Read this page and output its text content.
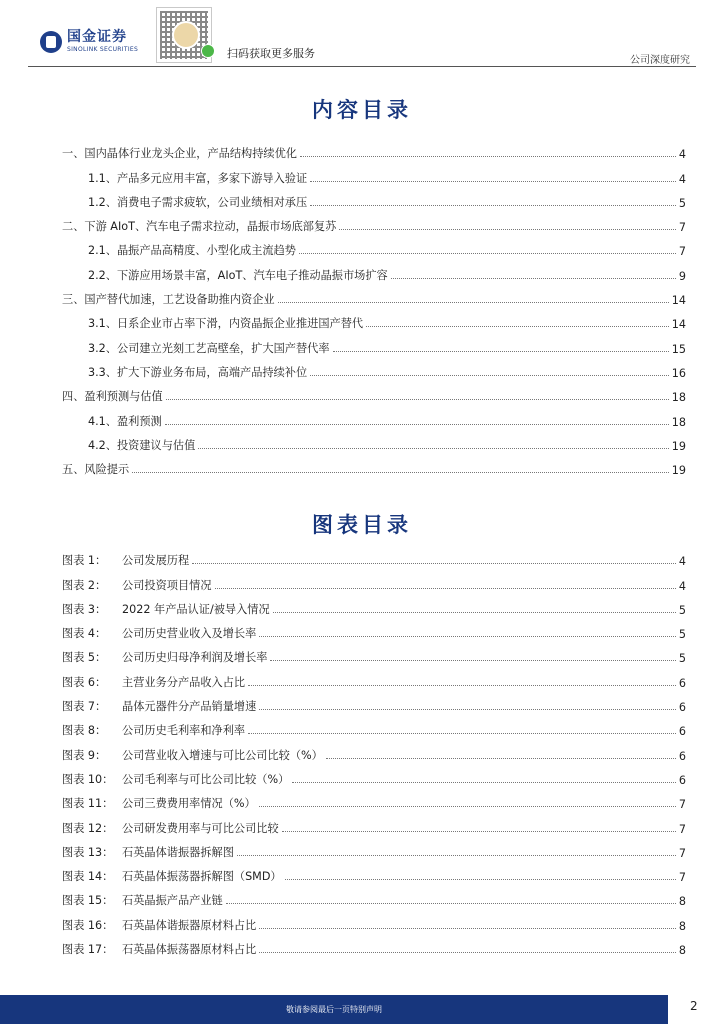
国金证券
SINOLINK SECURITIES	扫码获取更多服务
公司深度研究
内容目录
一、国内晶体行业龙头企业，产品结构持续优化	4
1.1、产品多元应用丰富，多家下游导入验证	4
1.2、消费电子需求疲软，公司业绩相对承压	5
二、下游 AIoT、汽车电子需求拉动，晶振市场底部复苏	7
2.1、晶振产品高精度、小型化成主流趋势	7
2.2、下游应用场景丰富，AIoT、汽车电子推动晶振市场扩容	9
三、国产替代加速，工艺设备助推内资企业	14
3.1、日系企业市占率下滑，内资晶振企业推进国产替代	14
3.2、公司建立光刻工艺高壁垒，扩大国产替代率	15
3.3、扩大下游业务布局，高端产品持续补位	16
四、盈利预测与估值	18
4.1、盈利预测	18
4.2、投资建议与估值	19
五、风险提示	19
图表目录
图表 1：	公司发展历程	4
图表 2：	公司投资项目情况	4
图表 3：	2022 年产品认证/被导入情况	5
图表 4：	公司历史营业收入及增长率	5
图表 5：	公司历史归母净利润及增长率	5
图表 6：	主营业务分产品收入占比	6
图表 7：	晶体元器件分产品销量增速	6
图表 8：	公司历史毛利率和净利率	6
图表 9：	公司营业收入增速与可比公司比较（%）	6
图表 10： 公司毛利率与可比公司比较（%）	6
图表 11： 公司三费费用率情况（%）	7
图表 12： 公司研发费用率与可比公司比较	7
图表 13： 石英晶体谐振器拆解图	7
图表 14： 石英晶体振荡器拆解图（SMD）	7
图表 15： 石英晶振产品产业链	8
图表 16： 石英晶体谐振器原材料占比	8
图表 17： 石英晶体振荡器原材料占比	8
敬请参阅最后一页特别声明	2
